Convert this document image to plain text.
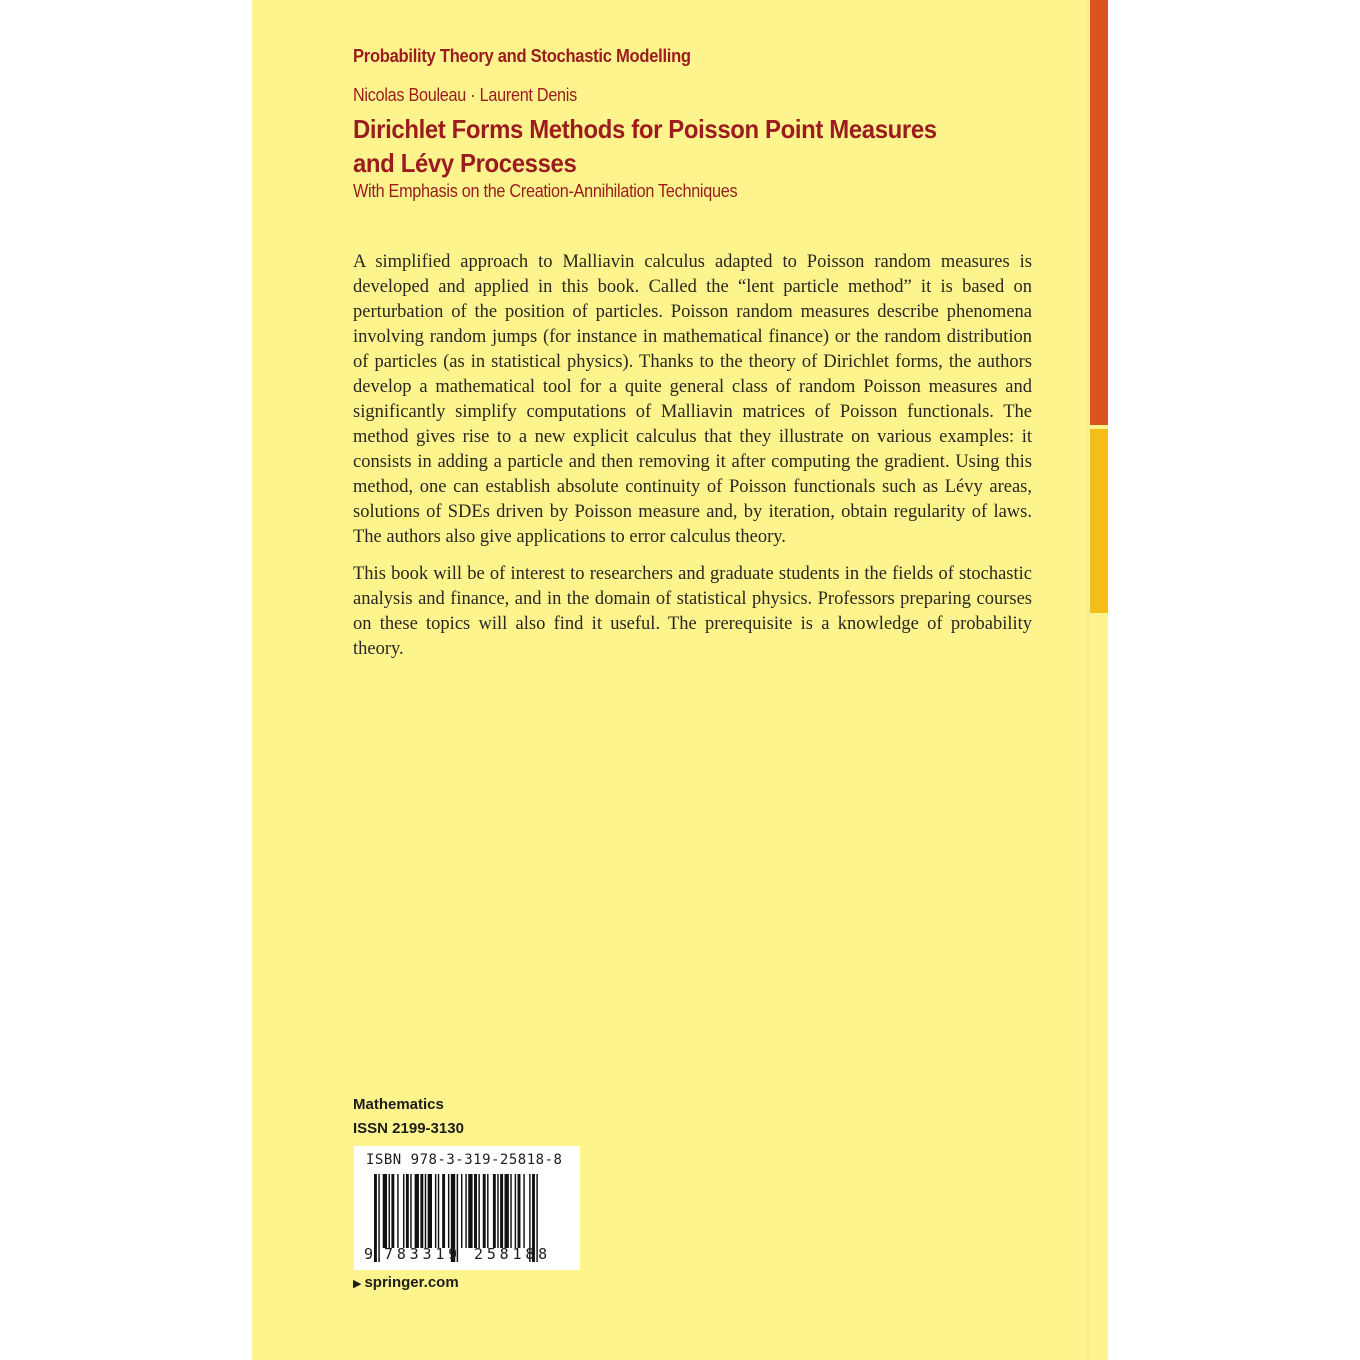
Probability Theory and Stochastic Modelling
Nicolas Bouleau · Laurent Denis
Dirichlet Forms Methods for Poisson Point Measures and Lévy Processes
With Emphasis on the Creation-Annihilation Techniques

A simplified approach to Malliavin calculus adapted to Poisson random measures is developed and applied in this book. Called the “lent particle method” it is based on perturbation of the position of particles. Poisson random measures describe phenomena involving random jumps (for instance in mathematical finance) or the random distribution of particles (as in statistical physics). Thanks to the theory of Dirichlet forms, the authors develop a mathematical tool for a quite general class of random Poisson measures and significantly simplify computations of Malliavin matrices of Poisson functionals. The method gives rise to a new explicit calculus that they illustrate on various examples: it consists in adding a particle and then removing it after computing the gradient. Using this method, one can establish absolute continuity of Poisson functionals such as Lévy areas, solutions of SDEs driven by Poisson measure and, by iteration, obtain regularity of laws. The authors also give applications to error calculus theory.

This book will be of interest to researchers and graduate students in the fields of stochastic analysis and finance, and in the domain of statistical physics. Professors preparing courses on these topics will also find it useful. The prerequisite is a knowledge of probability theory.

Mathematics
ISSN 2199-3130
ISBN 978-3-319-25818-8
9 783319 258188
▶ springer.com
